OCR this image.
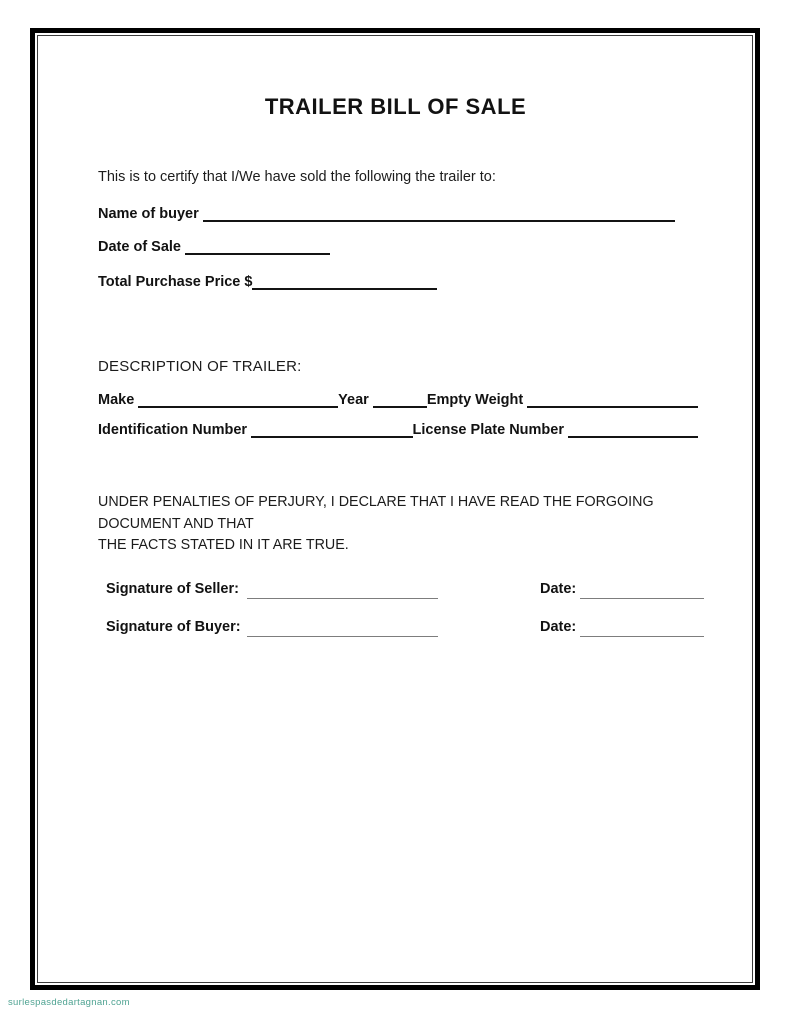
TRAILER BILL OF SALE
This is to certify that I/We have sold the following the trailer to:
Name of buyer
Date of Sale
Total Purchase Price $
DESCRIPTION OF TRAILER:
Make	Year	Empty Weight
Identification Number	License Plate Number
UNDER PENALTIES OF PERJURY, I DECLARE THAT I HAVE READ THE FORGOING DOCUMENT AND THAT
THE FACTS STATED IN IT ARE TRUE.
Signature of Seller:	Date:
Signature of Buyer:	Date:
surlespasdedartagnan.com
